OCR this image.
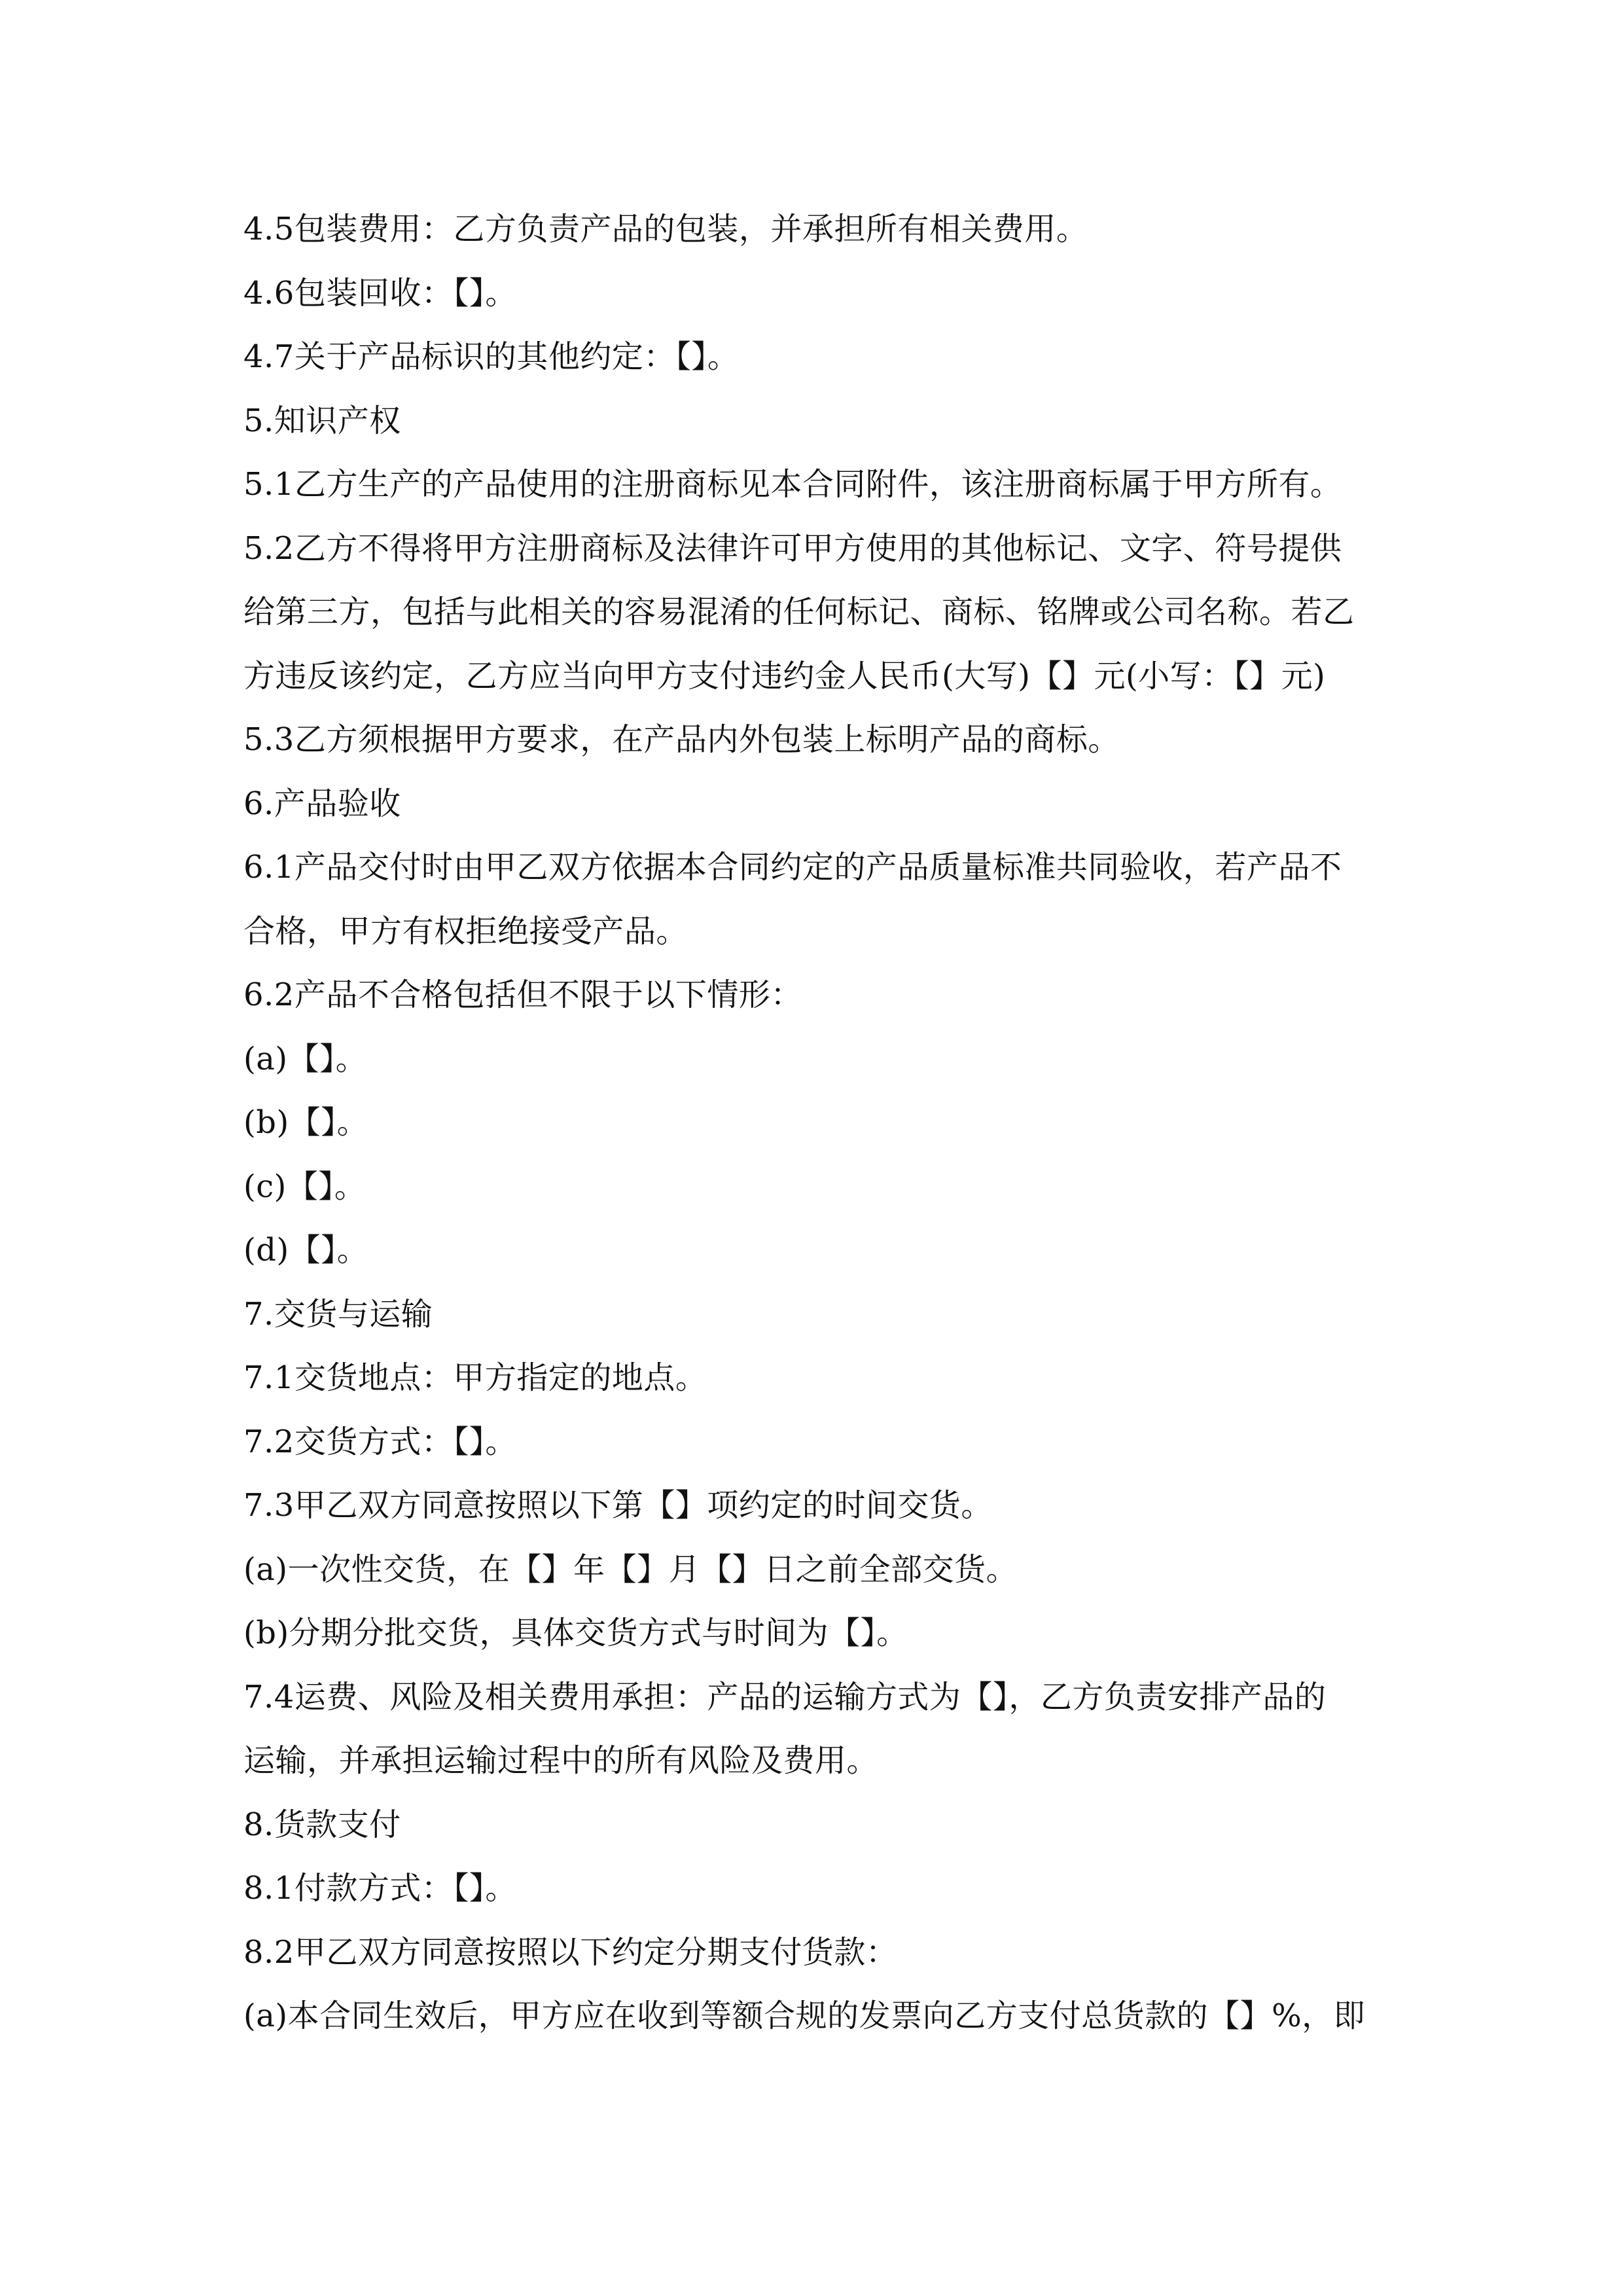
4.5包装费用：乙方负责产品的包装，并承担所有相关费用。
4.6包装回收：【】。
4.7关于产品标识的其他约定：【】。
5.知识产权
5.1乙方生产的产品使用的注册商标见本合同附件，该注册商标属于甲方所有。
5.2乙方不得将甲方注册商标及法律许可甲方使用的其他标记、文字、符号提供
给第三方，包括与此相关的容易混淆的任何标记、商标、铭牌或公司名称。若乙
方违反该约定，乙方应当向甲方支付违约金人民币(大写)【】元(小写：【】元)
5.3乙方须根据甲方要求，在产品内外包装上标明产品的商标。
6.产品验收
6.1产品交付时由甲乙双方依据本合同约定的产品质量标准共同验收，若产品不
合格，甲方有权拒绝接受产品。
6.2产品不合格包括但不限于以下情形：
(a)【】。
(b)【】。
(c)【】。
(d)【】。
7.交货与运输
7.1交货地点：甲方指定的地点。
7.2交货方式：【】。
7.3甲乙双方同意按照以下第【】项约定的时间交货。
(a)一次性交货，在【】年【】月【】日之前全部交货。
(b)分期分批交货，具体交货方式与时间为【】。
7.4运费、风险及相关费用承担：产品的运输方式为【】，乙方负责安排产品的
运输，并承担运输过程中的所有风险及费用。
8.货款支付
8.1付款方式：【】。
8.2甲乙双方同意按照以下约定分期支付货款：
(a)本合同生效后，甲方应在收到等额合规的发票向乙方支付总货款的【】%，即
